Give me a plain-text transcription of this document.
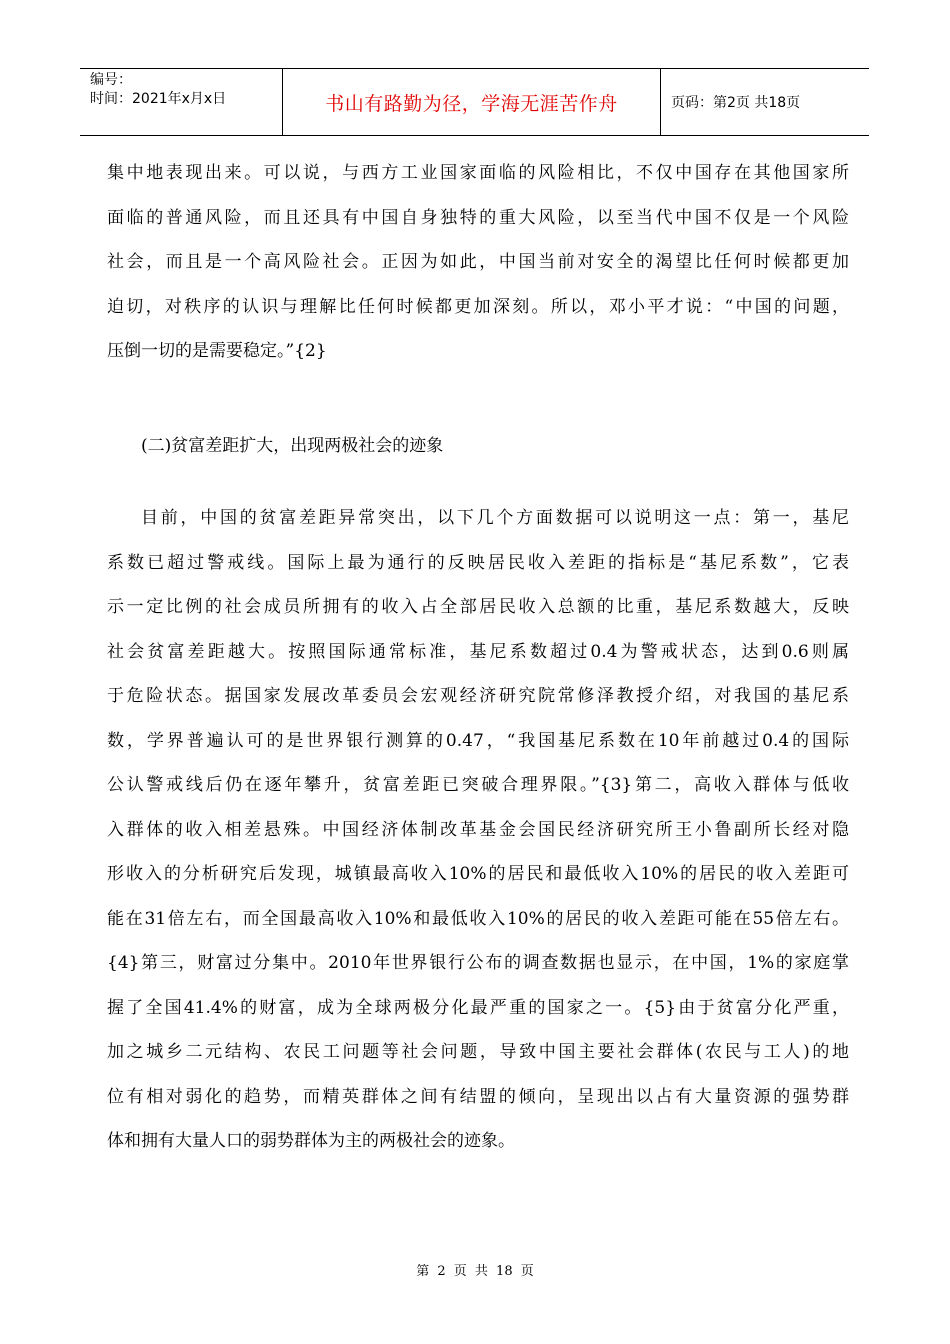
编号：
时间：2021年x月x日	书山有路勤为径，学海无涯苦作舟	页码：第2页 共18页
集中地表现出来。可以说，与西方工业国家面临的风险相比，不仅中国存在其他国家所
面临的普通风险，而且还具有中国自身独特的重大风险，以至当代中国不仅是一个风险
社会，而且是一个高风险社会。正因为如此，中国当前对安全的渴望比任何时候都更加
迫切，对秩序的认识与理解比任何时候都更加深刻。所以，邓小平才说：“中国的问题，
压倒一切的是需要稳定。”{2}
(二)贫富差距扩大，出现两极社会的迹象
目前，中国的贫富差距异常突出，以下几个方面数据可以说明这一点：第一，基尼
系数已超过警戒线。国际上最为通行的反映居民收入差距的指标是“基尼系数”，它表
示一定比例的社会成员所拥有的收入占全部居民收入总额的比重，基尼系数越大，反映
社会贫富差距越大。按照国际通常标准，基尼系数超过0.4为警戒状态，达到0.6则属
于危险状态。据国家发展改革委员会宏观经济研究院常修泽教授介绍，对我国的基尼系
数，学界普遍认可的是世界银行测算的0.47，“我国基尼系数在10年前越过0.4的国际
公认警戒线后仍在逐年攀升，贫富差距已突破合理界限。”{3}第二，高收入群体与低收
入群体的收入相差悬殊。中国经济体制改革基金会国民经济研究所王小鲁副所长经对隐
形收入的分析研究后发现，城镇最高收入10%的居民和最低收入10%的居民的收入差距可
能在31倍左右，而全国最高收入10%和最低收入10%的居民的收入差距可能在55倍左右。
{4}第三，财富过分集中。2010年世界银行公布的调查数据也显示，在中国，1%的家庭掌
握了全国41.4%的财富，成为全球两极分化最严重的国家之一。{5}由于贫富分化严重，
加之城乡二元结构、农民工问题等社会问题，导致中国主要社会群体(农民与工人)的地
位有相对弱化的趋势，而精英群体之间有结盟的倾向，呈现出以占有大量资源的强势群
体和拥有大量人口的弱势群体为主的两极社会的迹象。
第 2 页 共 18 页
